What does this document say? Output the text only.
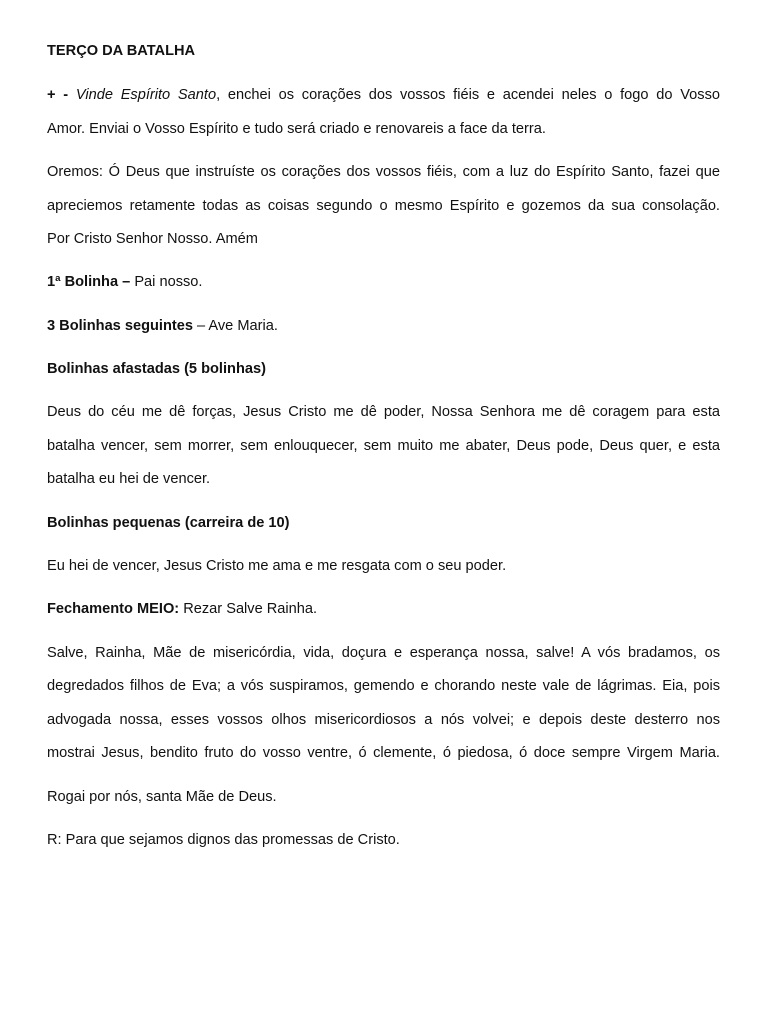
TERÇO DA BATALHA
+ - Vinde Espírito Santo, enchei os corações dos vossos fiéis e acendei neles o fogo do Vosso
Amor. Enviai o Vosso Espírito e tudo será criado e renovareis a face da terra.
Oremos: Ó Deus que instruíste os corações dos vossos fiéis, com a luz do Espírito Santo, fazei que
apreciemos retamente todas as coisas segundo o mesmo Espírito e gozemos da sua consolação.
Por Cristo Senhor Nosso. Amém
1ª Bolinha – Pai nosso.
3 Bolinhas seguintes – Ave Maria.
Bolinhas afastadas (5 bolinhas)
Deus do céu me dê forças, Jesus Cristo me dê poder, Nossa Senhora me dê coragem para esta
batalha vencer, sem morrer, sem enlouquecer, sem muito me abater, Deus pode, Deus quer, e esta
batalha eu hei de vencer.
Bolinhas pequenas (carreira de 10)
Eu hei de vencer, Jesus Cristo me ama e me resgata com o seu poder.
Fechamento MEIO: Rezar Salve Rainha.
Salve, Rainha, Mãe de misericórdia, vida, doçura e esperança nossa, salve! A vós bradamos, os
degredados filhos de Eva; a vós suspiramos, gemendo e chorando neste vale de lágrimas. Eia, pois
advogada nossa, esses vossos olhos misericordiosos a nós volvei; e depois deste desterro nos
mostrai Jesus, bendito fruto do vosso ventre, ó clemente, ó piedosa, ó doce sempre Virgem Maria.
Rogai por nós, santa Mãe de Deus.
R: Para que sejamos dignos das promessas de Cristo.
